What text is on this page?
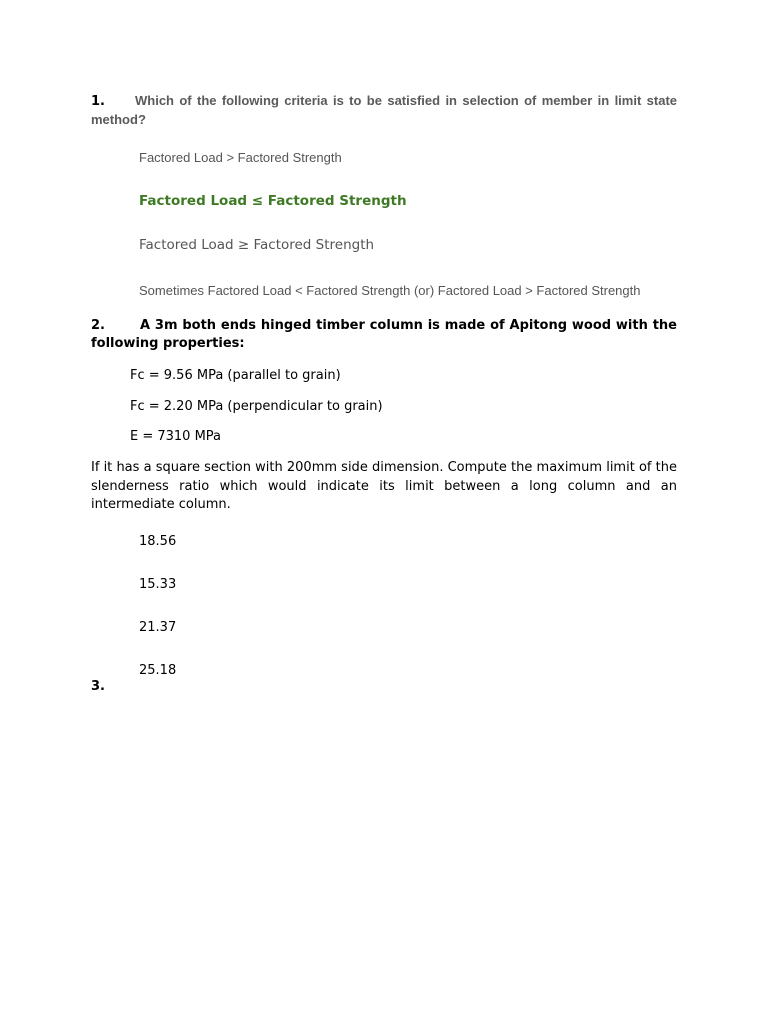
1. Which of the following criteria is to be satisfied in selection of member in limit state method?

Factored Load > Factored Strength

Factored Load ≤ Factored Strength

Factored Load ≥ Factored Strength

Sometimes Factored Load < Factored Strength (or) Factored Load > Factored Strength

2.	A 3m both ends hinged timber column is made of Apitong wood with the following properties:

Fc = 9.56 MPa (parallel to grain)

Fc = 2.20 MPa (perpendicular to grain)

E = 7310 MPa

If it has a square section with 200mm side dimension. Compute the maximum limit of the slenderness ratio which would indicate its limit between a long column and an intermediate column.

18.56

15.33

21.37

25.18

3.
